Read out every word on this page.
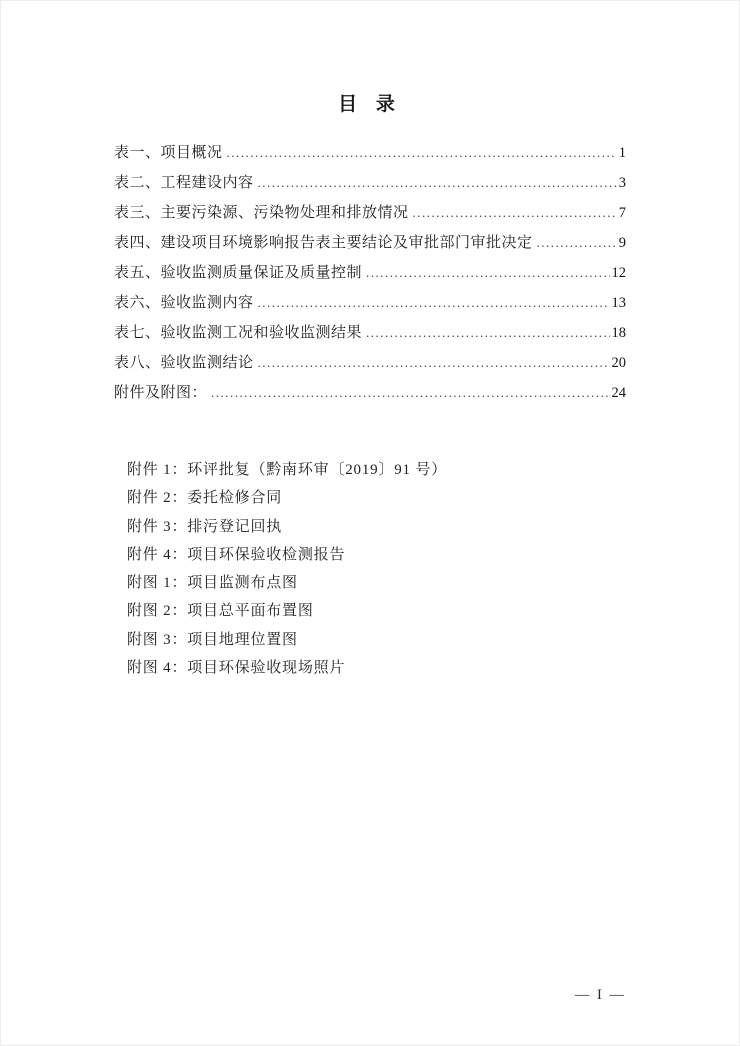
目 录
表一、项目概况 .....	1
表二、工程建设内容 .....	3
表三、主要污染源、污染物处理和排放情况 .....	7
表四、建设项目环境影响报告表主要结论及审批部门审批决定 .....	9
表五、验收监测质量保证及质量控制 .....	12
表六、验收监测内容 .....	13
表七、验收监测工况和验收监测结果 .....	18
表八、验收监测结论 .....	20
附件及附图： .....	24
附件 1：环评批复（黔南环审〔2019〕91 号）
附件 2：委托检修合同
附件 3：排污登记回执
附件 4：项目环保验收检测报告
附图 1：项目监测布点图
附图 2：项目总平面布置图
附图 3：项目地理位置图
附图 4：项目环保验收现场照片
— I —
